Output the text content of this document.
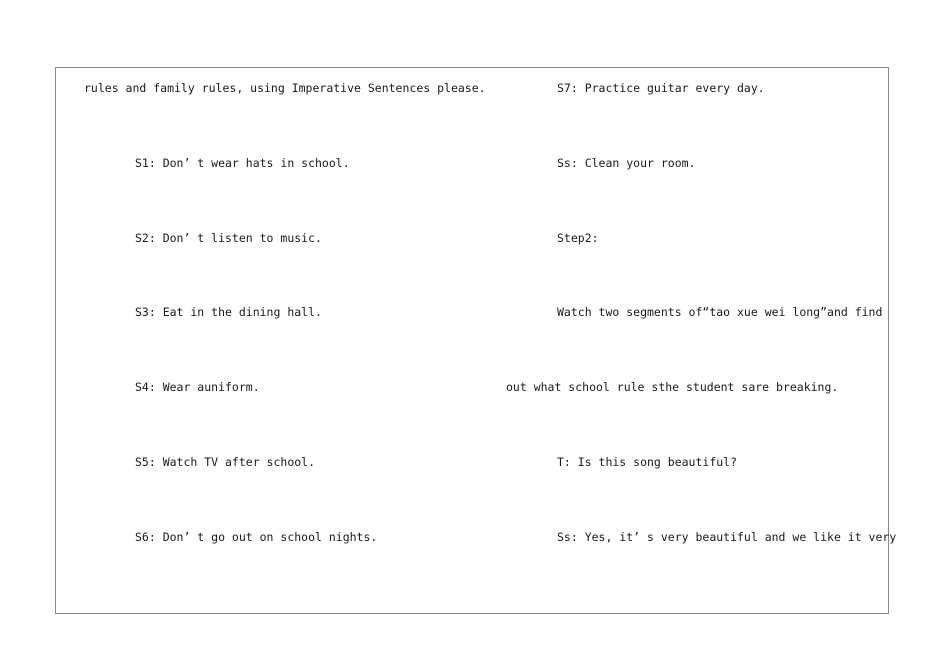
rules and family rules, using Imperative Sentences please.
S1: Don’ t wear hats in school.
S2: Don’ t listen to music.
S3: Eat in the dining hall.
S4: Wear auniform.
S5: Watch TV after school.
S6: Don’ t go out on school nights.
S7: Practice guitar every day.
Ss: Clean your room.
Step2:
Watch two segments of“tao xue wei long”and find
out what school rule sthe student sare breaking.
T: Is this song beautiful?
Ss: Yes, it’ s very beautiful and we like it very
